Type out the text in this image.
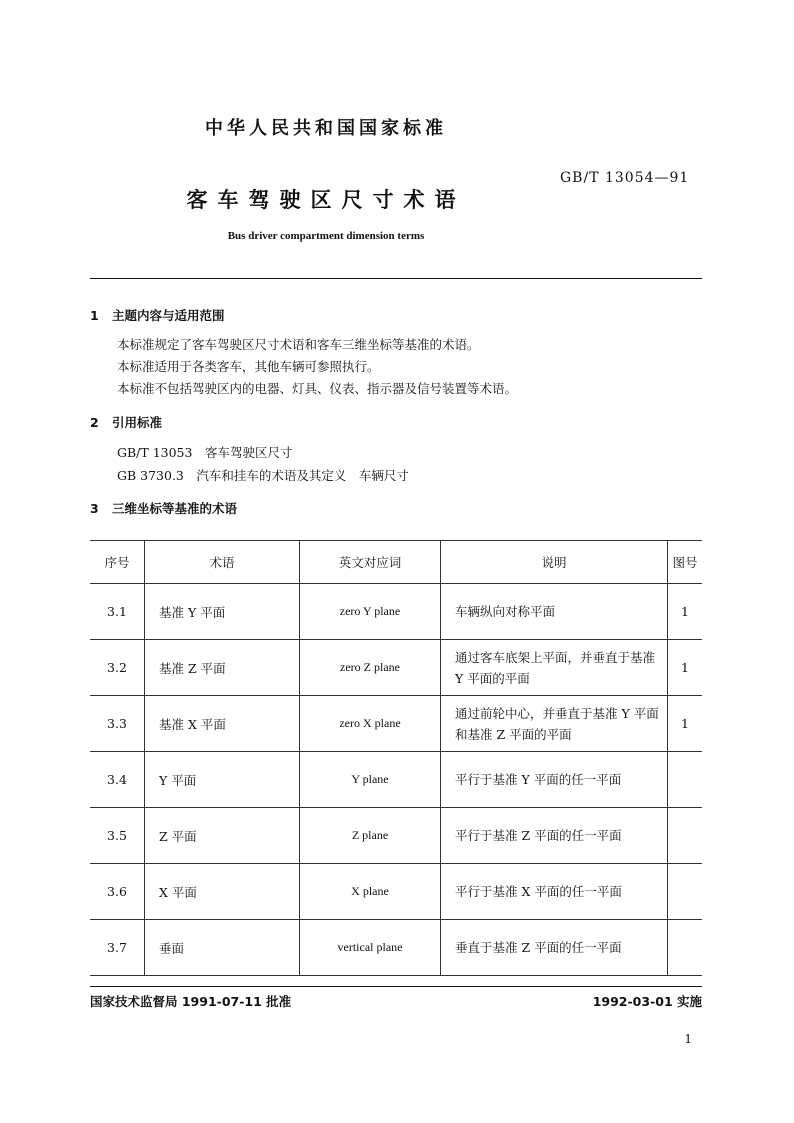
中华人民共和国国家标准
GB/T 13054—91
客车驾驶区尺寸术语
Bus driver compartment dimension terms
1 主题内容与适用范围
本标准规定了客车驾驶区尺寸术语和客车三维坐标等基准的术语。
本标准适用于各类客车，其他车辆可参照执行。
本标准不包括驾驶区内的电器、灯具、仪表、指示器及信号装置等术语。
2 引用标准
GB/T 13053　 客车驾驶区尺寸
GB 3730.3　 汽车和挂车的术语及其定义　车辆尺寸
3 三维坐标等基准的术语
序号	术语	英文对应词	说明	图号
3.1	基准 Y 平面	zero Y plane	车辆纵向对称平面	1
3.2	基准 Z 平面	zero Z plane	通过客车底架上平面，并垂直于基准 Y 平面的平面	1
3.3	基准 X 平面	zero X plane	通过前轮中心，并垂直于基准 Y 平面和基准 Z 平面的平面	1
3.4	Y 平面	Y plane	平行于基准 Y 平面的任一平面	
3.5	Z 平面	Z plane	平行于基准 Z 平面的任一平面	
3.6	X 平面	X plane	平行于基准 X 平面的任一平面	
3.7	垂面	vertical plane	垂直于基准 Z 平面的任一平面	
国家技术监督局 1991-07-11 批准	1992-03-01 实施
1
